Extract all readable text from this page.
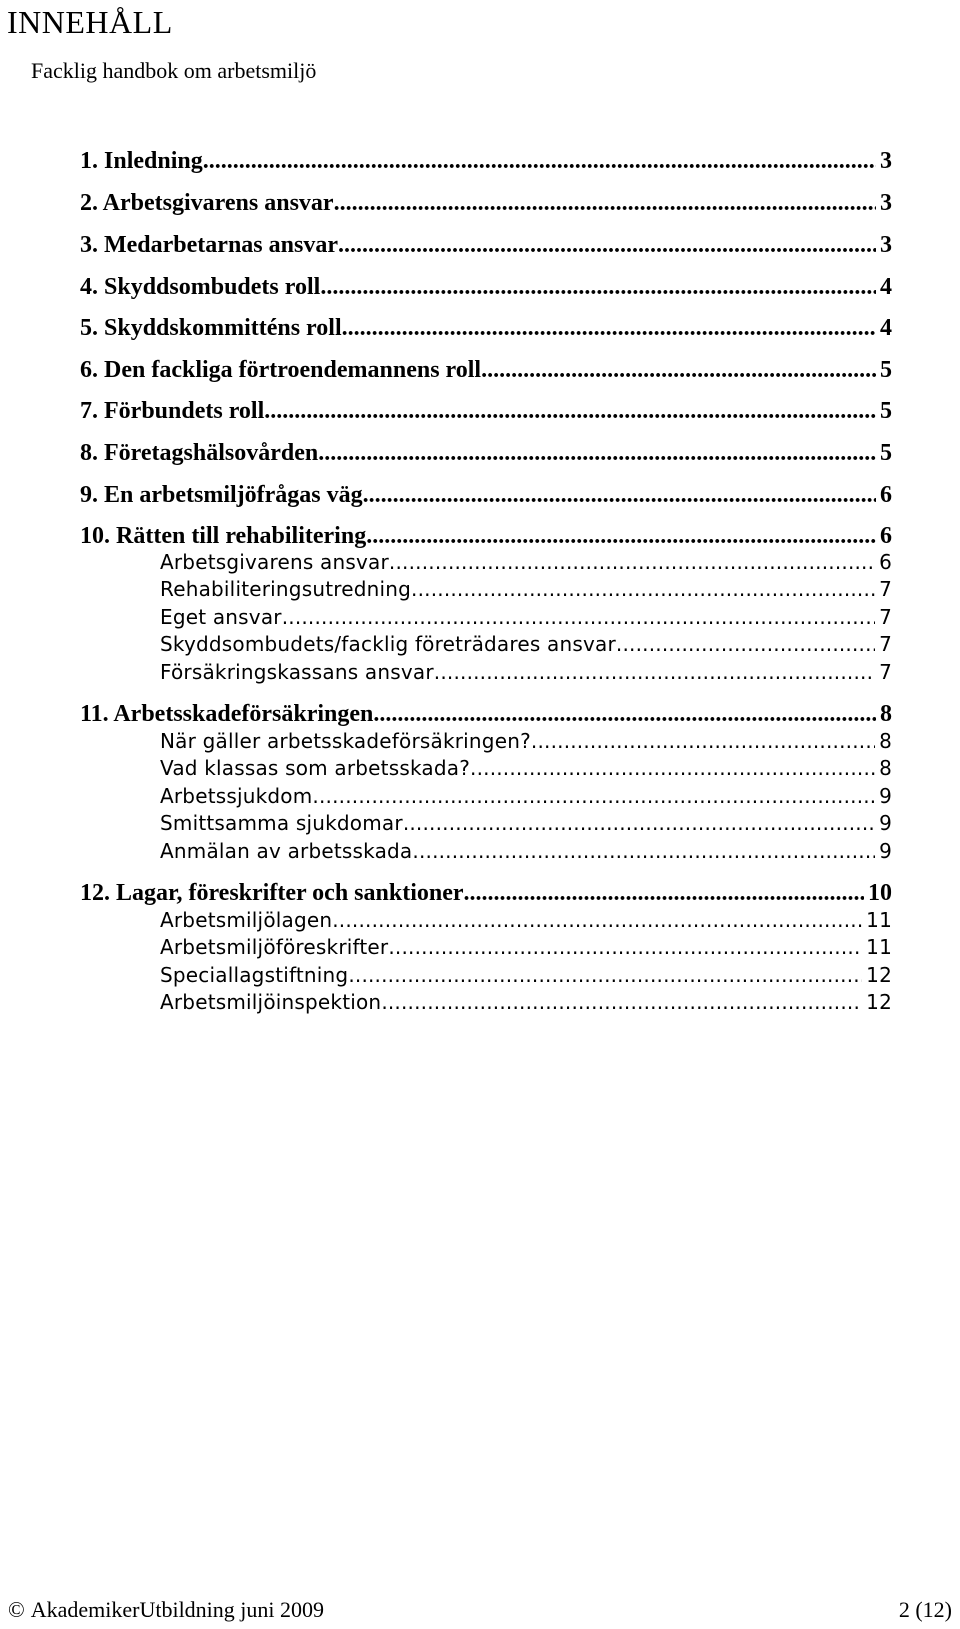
INNEHÅLL
Facklig handbok om arbetsmiljö
1. Inledning .....	3
2. Arbetsgivarens ansvar .....	3
3. Medarbetarnas ansvar .....	3
4. Skyddsombudets roll .....	4
5. Skyddskommitténs roll .....	4
6. Den fackliga förtroendemannens roll .....	5
7. Förbundets roll .....	5
8. Företagshälsovården .....	5
9. En arbetsmiljöfrågas väg .....	6
10. Rätten till rehabilitering .....	6
Arbetsgivarens ansvar .....	6
Rehabiliteringsutredning .....	7
Eget ansvar .....	7
Skyddsombudets/facklig företrädares ansvar .....	7
Försäkringskassans ansvar .....	7
11. Arbetsskadeförsäkringen .....	8
När gäller arbetsskadeförsäkringen? .....	8
Vad klassas som arbetsskada? .....	8
Arbetssjukdom .....	9
Smittsamma sjukdomar .....	9
Anmälan av arbetsskada .....	9
12. Lagar, föreskrifter och sanktioner .....	10
Arbetsmiljölagen .....	11
Arbetsmiljöföreskrifter .....	11
Speciallagstiftning .....	12
Arbetsmiljöinspektion .....	12
© AkademikerUtbildning juni 2009	2 (12)
